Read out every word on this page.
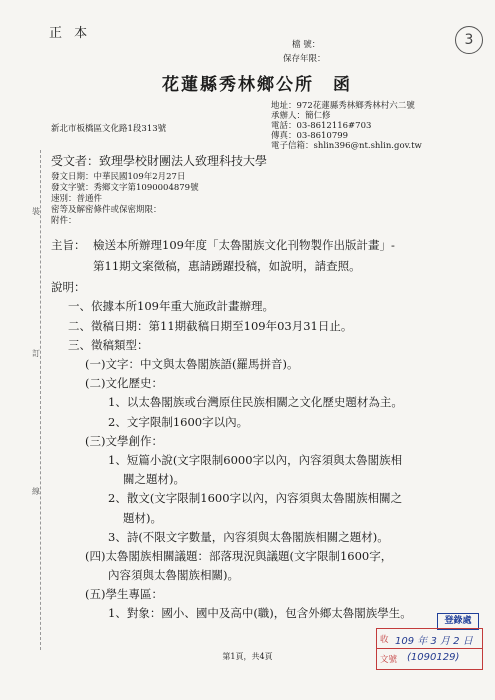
正 本
檔 號：
保存年限：
3
花蓮縣秀林鄉公所　函
地址：972花蓮縣秀林鄉秀林村六二號
承辦人：簡仁修
電話：03-8612116#703
傳真：03-8610799
電子信箱：shlin396@nt.shlin.gov.tw
新北市板橋區文化路1段313號
受文者：致理學校財團法人致理科技大學
發文日期：中華民國109年2月27日
發文字號：秀鄉文字第1090004879號
速別：普通件
密等及解密條件或保密期限：
附件：
裝
訂
線
主旨： 檢送本所辦理109年度「太魯閣族文化刊物製作出版計畫」-
第11期文案徵稿，惠請踴躍投稿，如說明，請查照。
說明：
一、依據本所109年重大施政計畫辦理。
二、徵稿日期：第11期截稿日期至109年03月31日止。
三、徵稿類型：
(一)文字：中文與太魯閣族語(羅馬拼音)。
(二)文化歷史：
1、以太魯閣族或台灣原住民族相關之文化歷史題材為主。
2、文字限制1600字以內。
(三)文學創作：
1、短篇小說(文字限制6000字以內，內容須與太魯閣族相
關之題材)。
2、散文(文字限制1600字以內，內容須與太魯閣族相關之
題材)。
3、詩(不限文字數量，內容須與太魯閣族相關之題材)。
(四)太魯閣族相關議題：部落現況與議題(文字限制1600字，
內容須與太魯閣族相關)。
(五)學生專區：
1、對象：國小、國中及高中(職)，包含外鄉太魯閣族學生。
登錄處
收 109 年 3 月 2 日
文號 (1090129)
第1頁，共4頁
